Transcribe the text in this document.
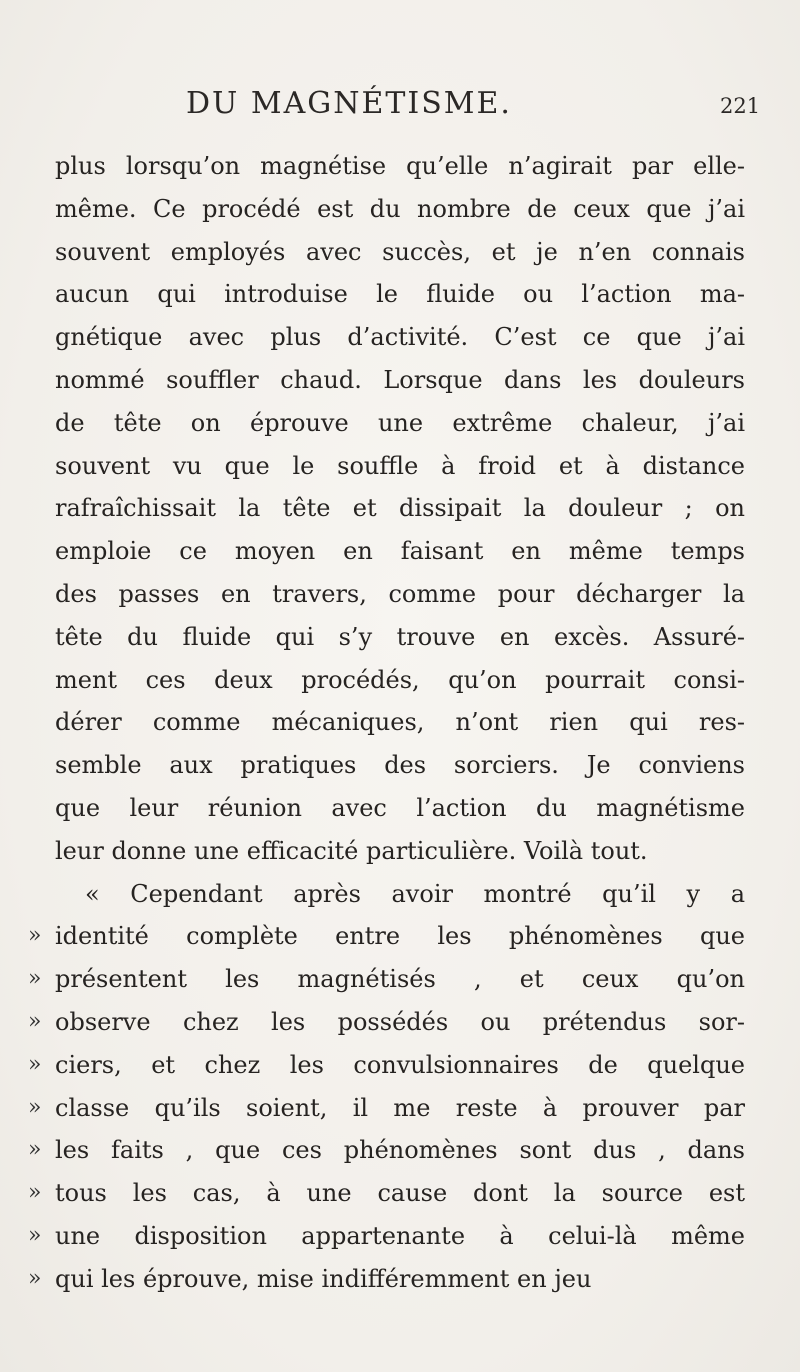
DU MAGNÉTISME.	221
plus lorsqu’on magnétise qu’elle n’agirait par elle-
même. Ce procédé est du nombre de ceux que j’ai
souvent employés avec succès, et je n’en connais
aucun qui introduise le fluide ou l’action ma-
gnétique avec plus d’activité. C’est ce que j’ai
nommé souffler chaud. Lorsque dans les douleurs
de tête on éprouve une extrême chaleur, j’ai
souvent vu que le souffle à froid et à distance
rafraîchissait la tête et dissipait la douleur ; on
emploie ce moyen en faisant en même temps
des passes en travers, comme pour décharger la
tête du fluide qui s’y trouve en excès. Assuré-
ment ces deux procédés, qu’on pourrait consi-
dérer comme mécaniques, n’ont rien qui res-
semble aux pratiques des sorciers. Je conviens
que leur réunion avec l’action du magnétisme
leur donne une efficacité particulière. Voilà tout.
« Cependant après avoir montré qu’il y a
» identité complète entre les phénomènes que
» présentent les magnétisés , et ceux qu’on
» observe chez les possédés ou prétendus sor-
» ciers, et chez les convulsionnaires de quelque
» classe qu’ils soient, il me reste à prouver par
» les faits , que ces phénomènes sont dus , dans
» tous les cas, à une cause dont la source est
» une disposition appartenante à celui-là même
» qui les éprouve, mise indifféremment en jeu
